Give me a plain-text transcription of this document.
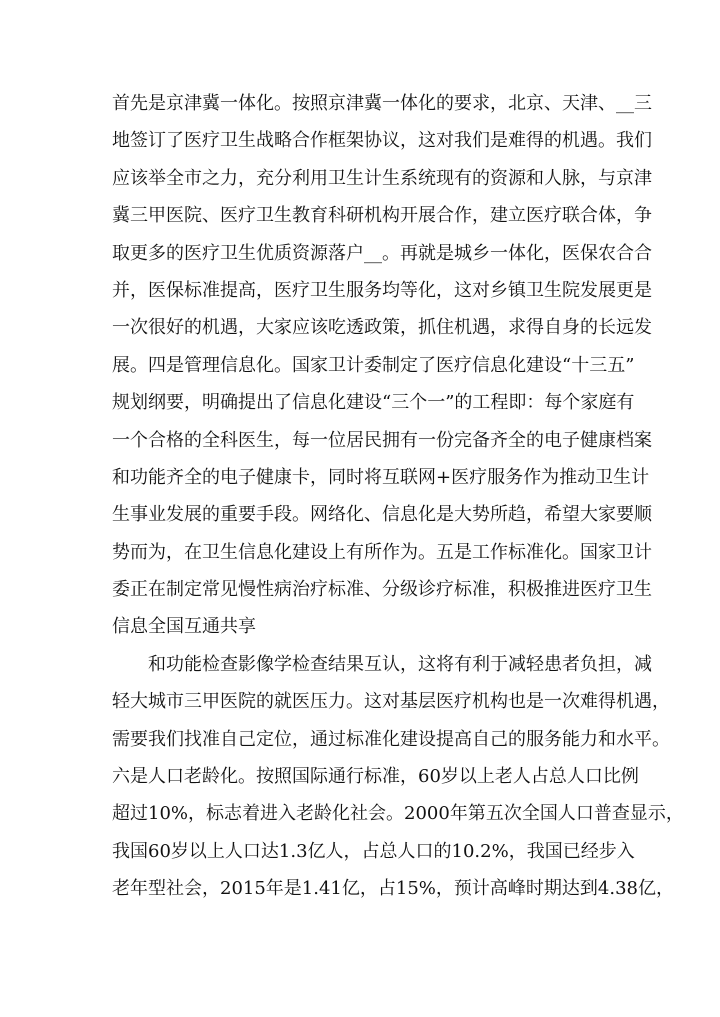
首先是京津冀一体化。按照京津冀一体化的要求，北京、天津、__三
地签订了医疗卫生战略合作框架协议，这对我们是难得的机遇。我们
应该举全市之力，充分利用卫生计生系统现有的资源和人脉，与京津
冀三甲医院、医疗卫生教育科研机构开展合作，建立医疗联合体，争
取更多的医疗卫生优质资源落户__。再就是城乡一体化，医保农合合
并，医保标准提高，医疗卫生服务均等化，这对乡镇卫生院发展更是
一次很好的机遇，大家应该吃透政策，抓住机遇，求得自身的长远发
展。四是管理信息化。国家卫计委制定了医疗信息化建设“十三五”
规划纲要，明确提出了信息化建设“三个一”的工程即：每个家庭有
一个合格的全科医生，每一位居民拥有一份完备齐全的电子健康档案
和功能齐全的电子健康卡，同时将互联网+医疗服务作为推动卫生计
生事业发展的重要手段。网络化、信息化是大势所趋，希望大家要顺
势而为，在卫生信息化建设上有所作为。五是工作标准化。国家卫计
委正在制定常见慢性病治疗标准、分级诊疗标准，积极推进医疗卫生
信息全国互通共享
和功能检查影像学检查结果互认，这将有利于减轻患者负担，减
轻大城市三甲医院的就医压力。这对基层医疗机构也是一次难得机遇，
需要我们找准自己定位，通过标准化建设提高自己的服务能力和水平。
六是人口老龄化。按照国际通行标准，60岁以上老人占总人口比例
超过10%，标志着进入老龄化社会。2000年第五次全国人口普查显示，
我国60岁以上人口达1.3亿人，占总人口的10.2%，我国已经步入
老年型社会，2015年是1.41亿，占15%，预计高峰时期达到4.38亿，
